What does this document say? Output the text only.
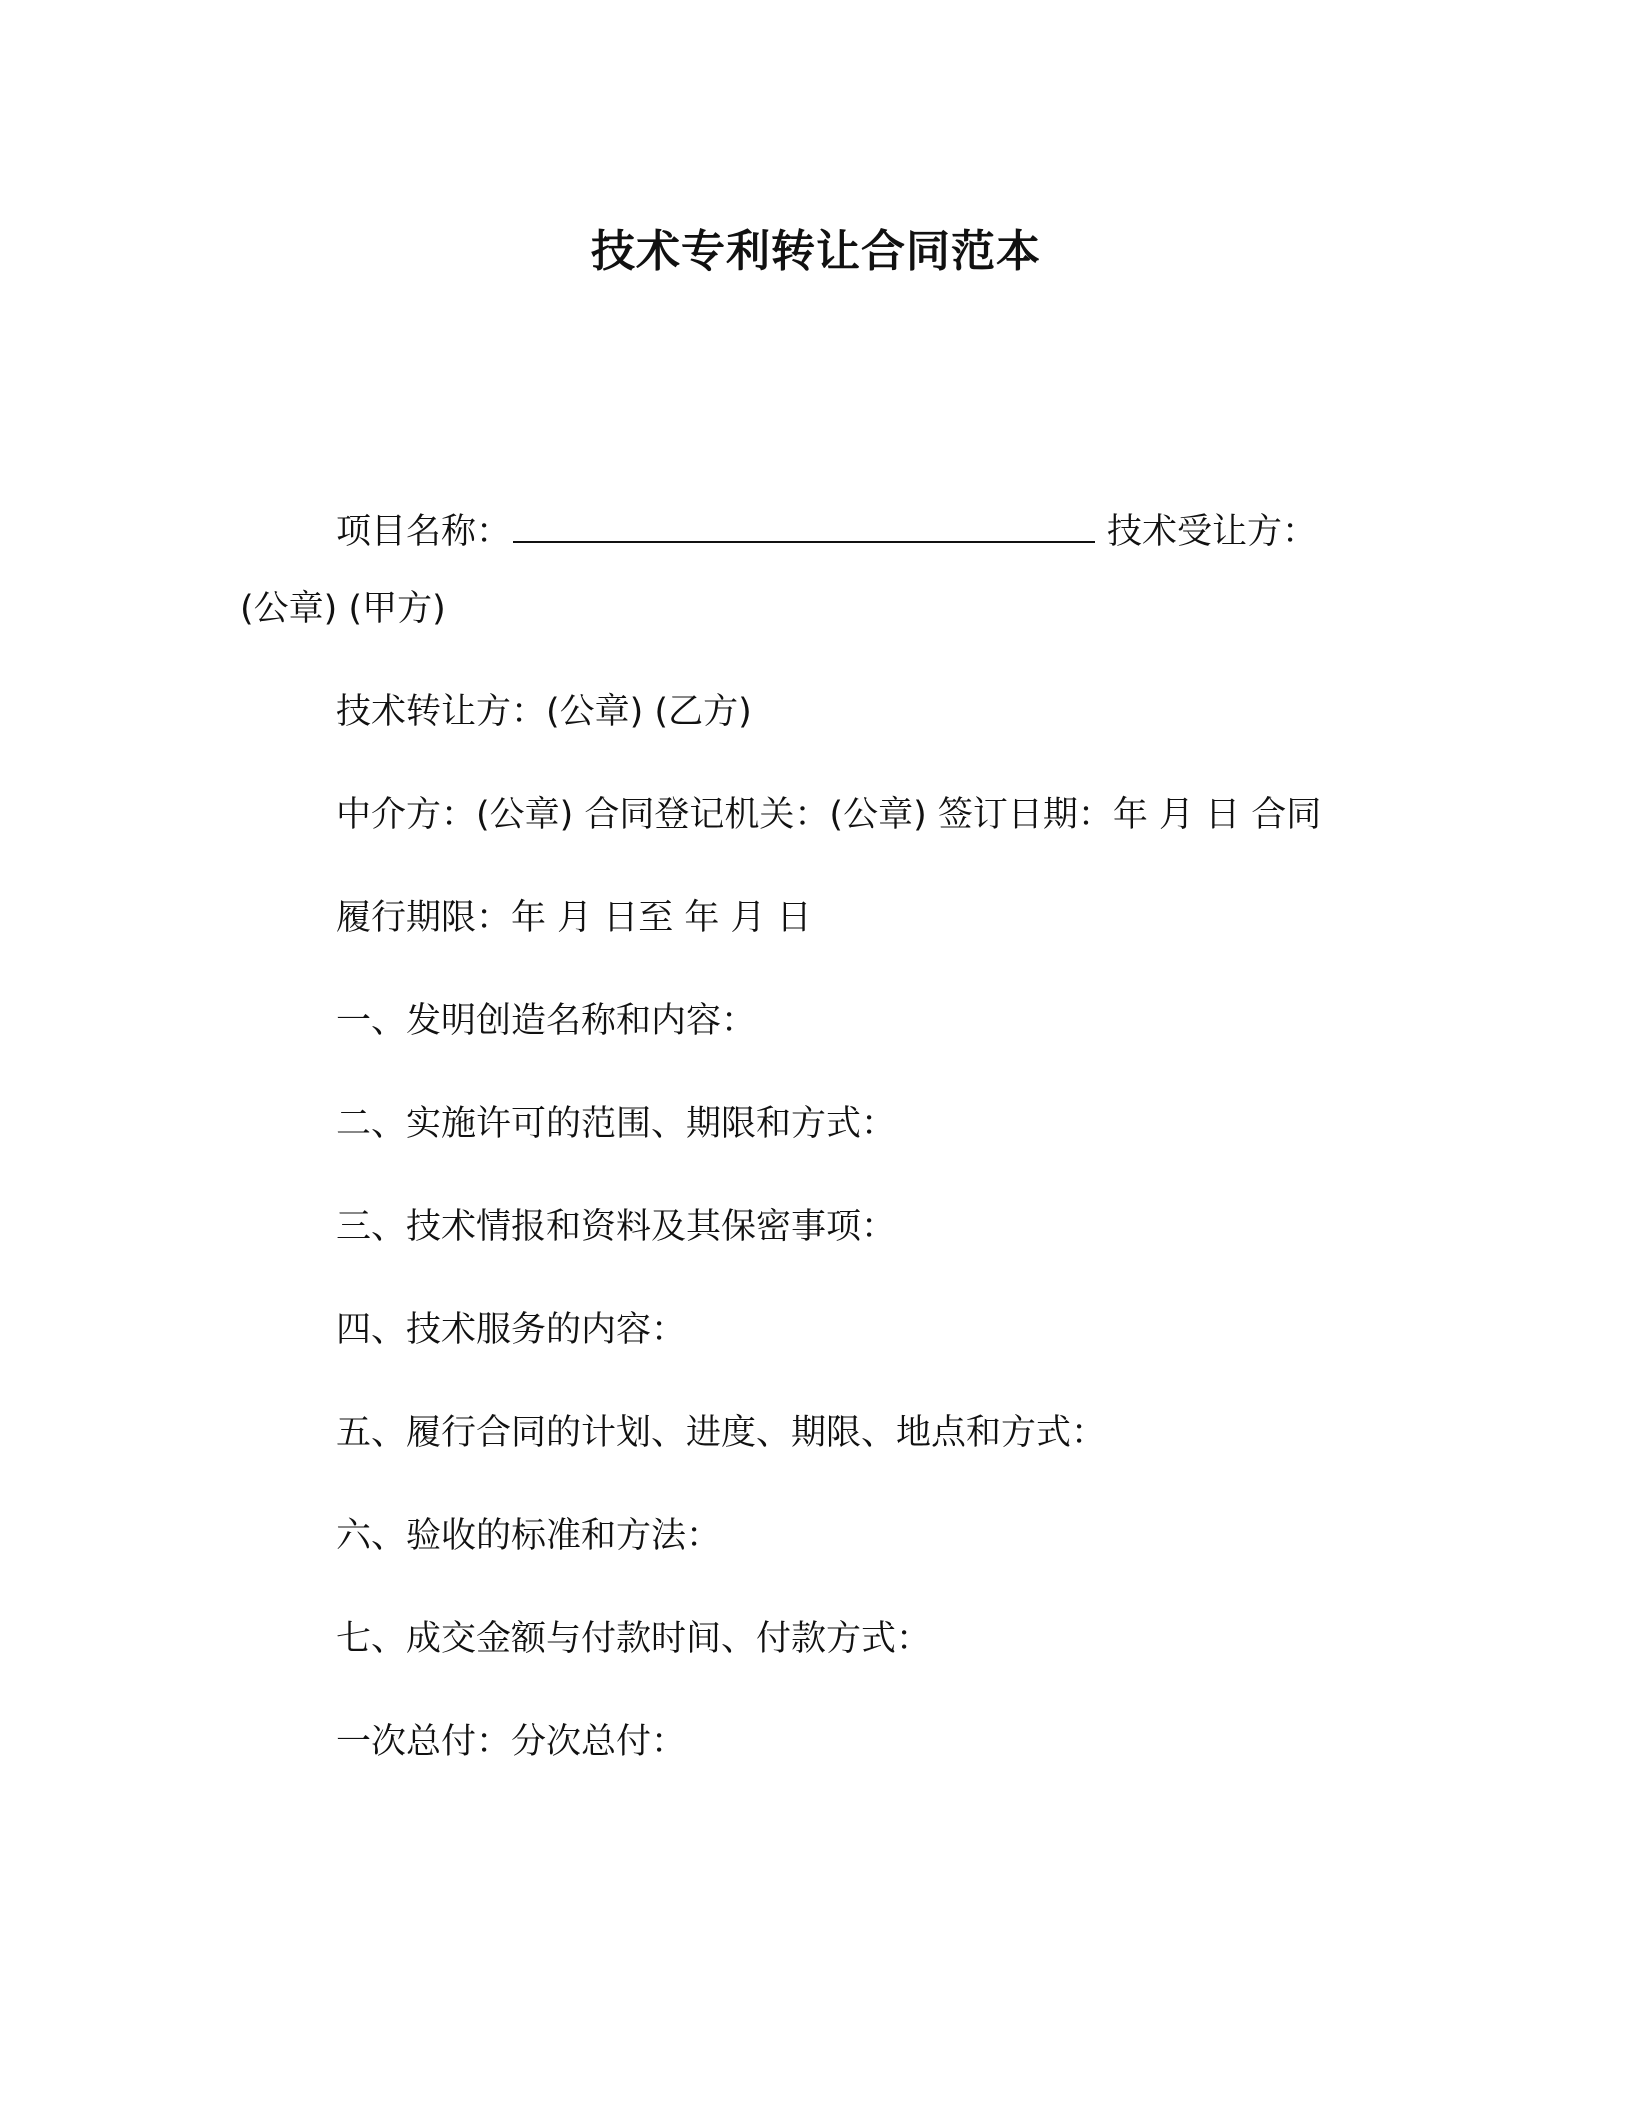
技术专利转让合同范本

项目名称：	技术受让方：(公章) (甲方)

技术转让方：(公章) (乙方)

中介方：(公章) 合同登记机关：(公章) 签订日期：年 月 日 合同

履行期限：年 月 日至 年 月 日

一、发明创造名称和内容：

二、实施许可的范围、期限和方式：

三、技术情报和资料及其保密事项：

四、技术服务的内容：

五、履行合同的计划、进度、期限、地点和方式：

六、验收的标准和方法：

七、成交金额与付款时间、付款方式：

一次总付：分次总付：
